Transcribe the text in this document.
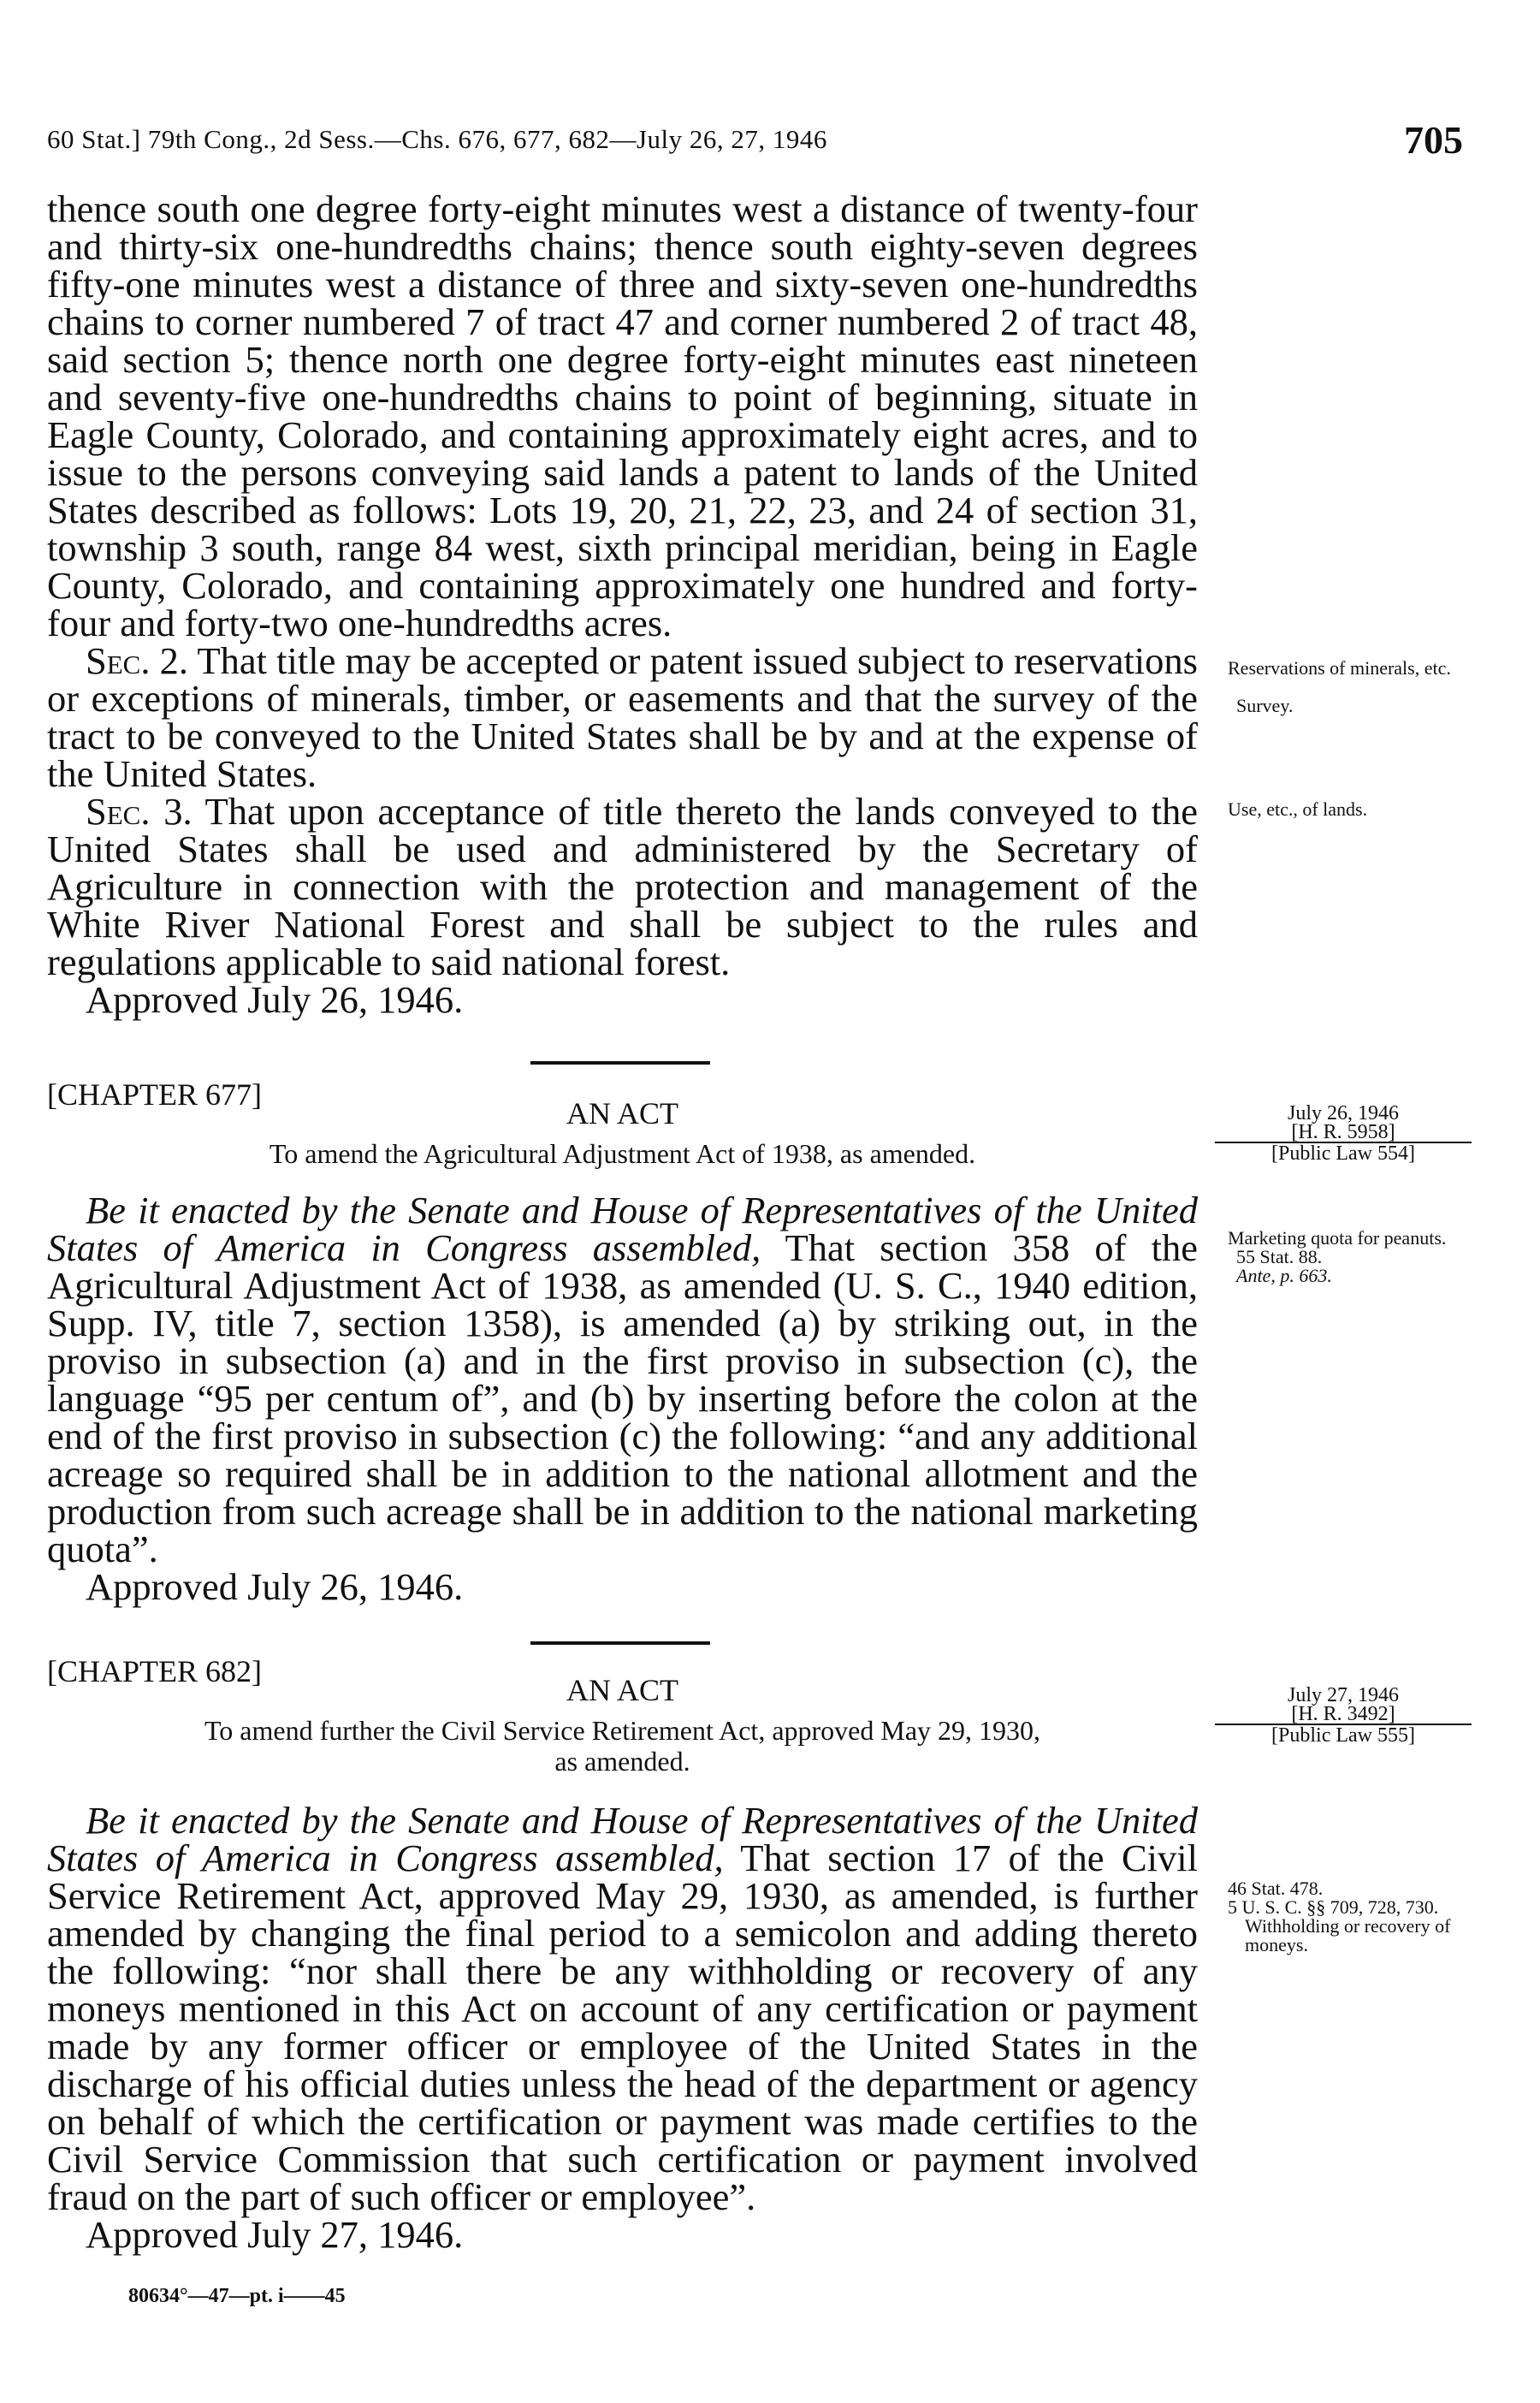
60 Stat.] 79th Cong., 2d Sess.—Chs. 676, 677, 682—July 26, 27, 1946	705

thence south one degree forty-eight minutes west a distance of twenty-four and thirty-six one-hundredths chains; thence south eighty-seven degrees fifty-one minutes west a distance of three and sixty-seven one-hundredths chains to corner numbered 7 of tract 47 and corner numbered 2 of tract 48, said section 5; thence north one degree forty-eight minutes east nineteen and seventy-five one-hundredths chains to point of beginning, situate in Eagle County, Colorado, and containing approximately eight acres, and to issue to the persons conveying said lands a patent to lands of the United States described as follows: Lots 19, 20, 21, 22, 23, and 24 of section 31, township 3 south, range 84 west, sixth principal meridian, being in Eagle County, Colorado, and containing approximately one hundred and forty-four and forty-two one-hundredths acres.

Sec. 2. That title may be accepted or patent issued subject to reservations or exceptions of minerals, timber, or easements and that the survey of the tract to be conveyed to the United States shall be by and at the expense of the United States.

Sec. 3. That upon acceptance of title thereto the lands conveyed to the United States shall be used and administered by the Secretary of Agriculture in connection with the protection and management of the White River National Forest and shall be subject to the rules and regulations applicable to said national forest.

Approved July 26, 1946.

Reservations of minerals, etc.
Survey.
Use, etc., of lands.
[CHAPTER 677]
AN ACT
To amend the Agricultural Adjustment Act of 1938, as amended.
July 26, 1946
[H. R. 5958]
[Public Law 554]

Be it enacted by the Senate and House of Representatives of the United States of America in Congress assembled, That section 358 of the Agricultural Adjustment Act of 1938, as amended (U. S. C., 1940 edition, Supp. IV, title 7, section 1358), is amended (a) by striking out, in the proviso in subsection (a) and in the first proviso in subsection (c), the language “95 per centum of”, and (b) by inserting before the colon at the end of the first proviso in subsection (c) the following: “and any additional acreage so required shall be in addition to the national allotment and the production from such acreage shall be in addition to the national marketing quota”.

Approved July 26, 1946.

Marketing quota for peanuts.

55 Stat. 88.

Ante, p. 663.

[CHAPTER 682]
AN ACT
To amend further the Civil Service Retirement Act, approved May 29, 1930,
as amended.
July 27, 1946
[H. R. 3492]
[Public Law 555]

Be it enacted by the Senate and House of Representatives of the United States of America in Congress assembled, That section 17 of the Civil Service Retirement Act, approved May 29, 1930, as amended, is further amended by changing the final period to a semicolon and adding thereto the following: “nor shall there be any withholding or recovery of any moneys mentioned in this Act on account of any certification or payment made by any former officer or employee of the United States in the discharge of his official duties unless the head of the department or agency on behalf of which the certification or payment was made certifies to the Civil Service Commission that such certification or payment involved fraud on the part of such officer or employee”.

Approved July 27, 1946.

46 Stat. 478.

5 U. S. C. §§ 709, 728, 730.

Withholding or recovery of moneys.

80634°—47—pt. i——45
